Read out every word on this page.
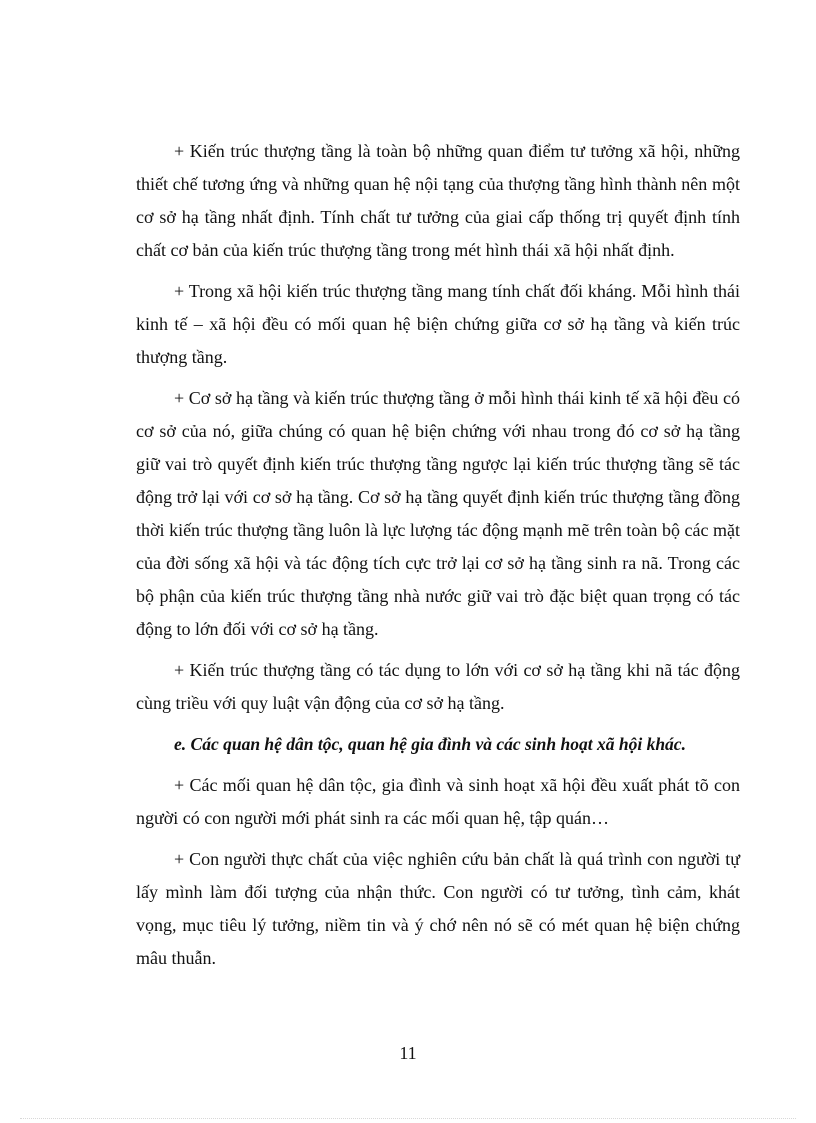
+ Kiến trúc thượng tầng là toàn bộ những quan điểm tư tưởng xã hội, những thiết chế tương ứng và những quan hệ nội tạng của thượng tầng hình thành nên một cơ sở hạ tầng nhất định. Tính chất tư tưởng của giai cấp thống trị quyết định tính chất cơ bản của kiến trúc thượng tầng trong mét hình thái xã hội nhất định.

+ Trong xã hội kiến trúc thượng tầng mang tính chất đối kháng. Mỗi hình thái kinh tế – xã hội đều có mối quan hệ biện chứng giữa cơ sở hạ tầng và kiến trúc thượng tầng.

+ Cơ sở hạ tầng và kiến trúc thượng tầng ở mỗi hình thái kinh tế xã hội đều có cơ sở của nó, giữa chúng có quan hệ biện chứng với nhau trong đó cơ sở hạ tầng giữ vai trò quyết định kiến trúc thượng tầng ngược lại kiến trúc thượng tầng sẽ tác động trở lại với cơ sở hạ tầng. Cơ sở hạ tầng quyết định kiến trúc thượng tầng đồng thời kiến trúc thượng tầng luôn là lực lượng tác động mạnh mẽ trên toàn bộ các mặt của đời sống xã hội và tác động tích cực trở lại cơ sở hạ tầng sinh ra nã. Trong các bộ phận của kiến trúc thượng tầng nhà nước giữ vai trò đặc biệt quan trọng có tác động to lớn đối với cơ sở hạ tầng.

+ Kiến trúc thượng tầng có tác dụng to lớn với cơ sở hạ tầng khi nã tác động cùng triều với quy luật vận động của cơ sở hạ tầng.

e. Các quan hệ dân tộc, quan hệ gia đình và các sinh hoạt xã hội khác.

+ Các mối quan hệ dân tộc, gia đình và sinh hoạt xã hội đều xuất phát tõ con người có con người mới phát sinh ra các mối quan hệ, tập quán…

+ Con người thực chất của việc nghiên cứu bản chất là quá trình con người tự lấy mình làm đối tượng của nhận thức. Con người có tư tưởng, tình cảm, khát vọng, mục tiêu lý tưởng, niềm tin và ý chớ nên nó sẽ có mét quan hệ biện chứng mâu thuẫn.

11
